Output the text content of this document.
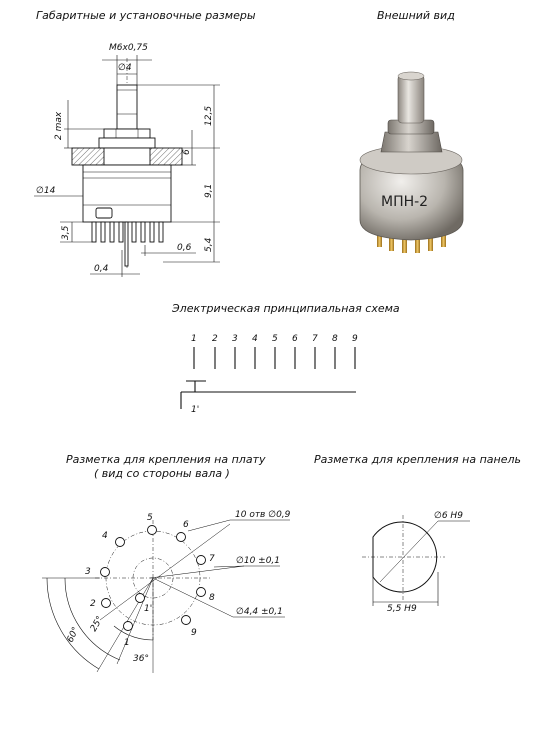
Габаритные и установочные размеры	Внешний вид
Электрическая принципиальная схема
Разметка для крепления на плату
( вид со стороны вала )
Разметка для крепления на панель
М6х0,75
∅4
12,5
9,1
5,4
6
2 max
∅14
3,5
0,4
0,6
МПН-2
1 2 3 4 5 6 7 8 9
1'
1
2
3
4
5
6
7
8
9
1'
10 отв ∅0,9
∅10 ±0,1
∅4,4 ±0,1
60°
25°
36°
∅6 H9
5,5 H9
